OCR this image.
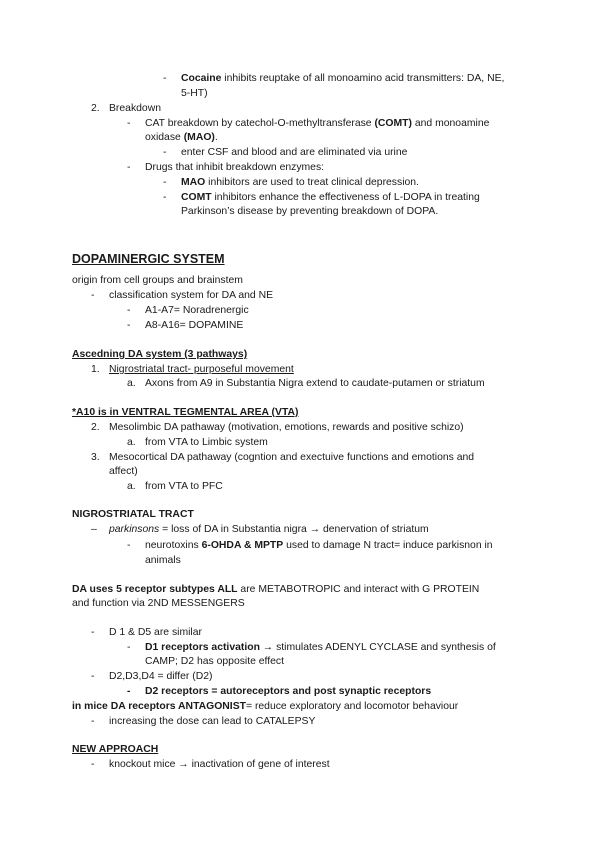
- Cocaine inhibits reuptake of all monoamino acid transmitters: DA, NE,
5-HT)
2. Breakdown
- CAT breakdown by catechol-O-methyltransferase (COMT) and monoamine
oxidase (MAO).
- enter CSF and blood and are eliminated via urine
- Drugs that inhibit breakdown enzymes:
- MAO inhibitors are used to treat clinical depression.
- COMT inhibitors enhance the effectiveness of L-DOPA in treating
Parkinson’s disease by preventing breakdown of DOPA.
DOPAMINERGIC SYSTEM
origin from cell groups and brainstem
- classification system for DA and NE
- A1-A7= Noradrenergic
- A8-A16= DOPAMINE
Ascedning DA system (3 pathways)
1. Nigrostriatal tract- purposeful movement
a. Axons from A9 in Substantia Nigra extend to caudate-putamen or striatum
*A10 is in VENTRAL TEGMENTAL AREA (VTA)
2. Mesolimbic DA pathaway (motivation, emotions, rewards and positive schizo)
a. from VTA to Limbic system
3. Mesocortical DA pathaway (cogntion and exectuive functions and emotions and
affect)
a. from VTA to PFC
NIGROSTRIATAL TRACT
– parkinsons = loss of DA in Substantia nigra → denervation of striatum
- neurotoxins 6-OHDA & MPTP used to damage N tract= induce parkisnon in
animals
DA uses 5 receptor subtypes ALL are METABOTROPIC and interact with G PROTEIN
and function via 2ND MESSENGERS
- D 1 & D5 are similar
- D1 receptors activation → stimulates ADENYL CYCLASE and synthesis of
CAMP; D2 has opposite effect
- D2,D3,D4 = differ (D2)
- D2 receptors = autoreceptors and post synaptic receptors
in mice DA receptors ANTAGONIST= reduce exploratory and locomotor behaviour
- increasing the dose can lead to CATALEPSY
NEW APPROACH
- knockout mice → inactivation of gene of interest
